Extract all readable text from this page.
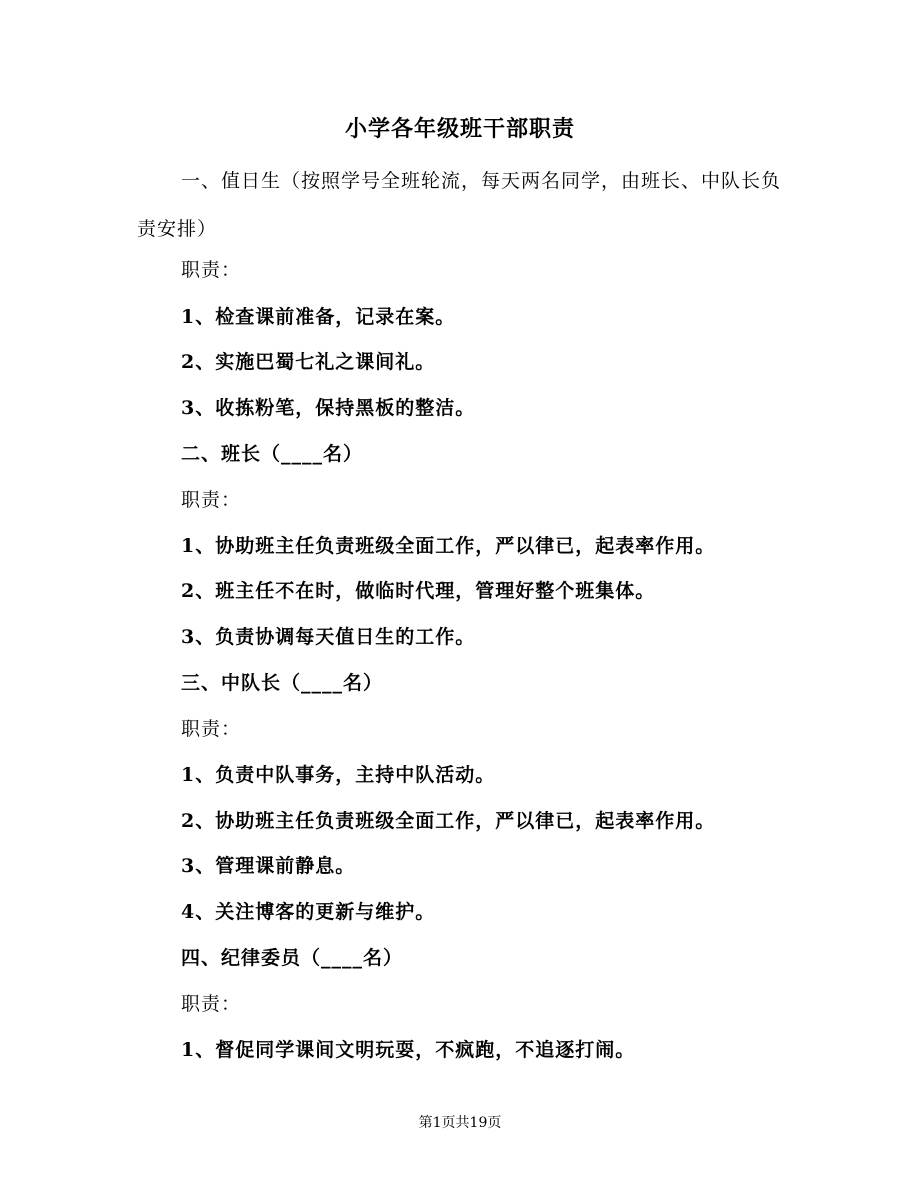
小学各年级班干部职责

一、值日生（按照学号全班轮流，每天两名同学，由班长、中队长负责安排）

职责：

1、检查课前准备，记录在案。

2、实施巴蜀七礼之课间礼。

3、收拣粉笔，保持黑板的整洁。

二、班长（____名）

职责：

1、协助班主任负责班级全面工作，严以律已，起表率作用。

2、班主任不在时，做临时代理，管理好整个班集体。

3、负责协调每天值日生的工作。

三、中队长（____名）

职责：

1、负责中队事务，主持中队活动。

2、协助班主任负责班级全面工作，严以律已，起表率作用。

3、管理课前静息。

4、关注博客的更新与维护。

四、纪律委员（____名）

职责：

1、督促同学课间文明玩耍，不疯跑，不追逐打闹。

第1页共19页
